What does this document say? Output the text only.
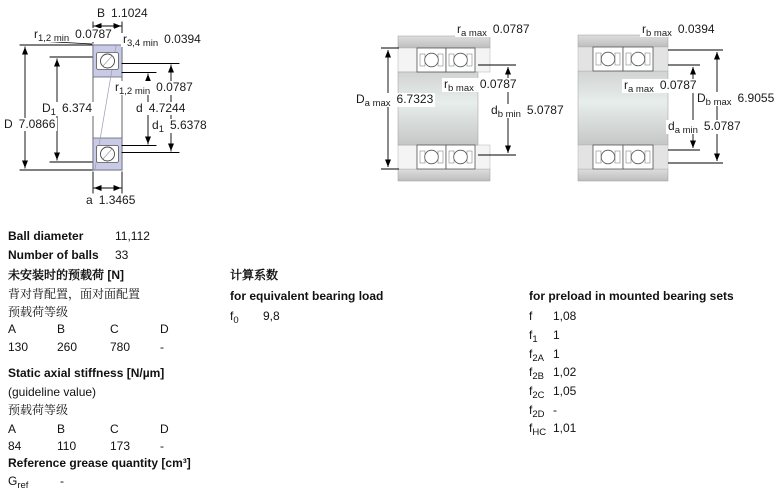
B 1.1024
$r_{1,2 min}$ 0.0787 $r_{3,4 min}$ 0.0394
$r_{1,2 min}$ 0.0787
$D_1$ 6.374
D 7.0866
d 4.7244
$d_1$ 5.6378
a 1.3465
$r_{a max}$ 0.0787
$r_{b max}$ 0.0787
$D_{a max}$ 6.7323
$d_{b min}$ 5.0787
$r_{b max}$ 0.0394
$r_{a max}$ 0.0787
$D_{b max}$ 6.9055
$d_{a min}$ 5.0787
Ball diameter	11,112
Number of balls 33
未安装时的预载荷 [N]
背对背配置，面对面配置
预载荷等级
A	B	C	D
130 260	780 -
Static axial stiffness [N/µm]
(guideline value)
预载荷等级
A	B	C	D
84	110	173 -
Reference grease quantity [cm³]
$G_{ref}$	-
计算系数
for equivalent bearing load
$f_0$ 9,8
for preload in mounted bearing sets
f 1,08
$f_1$ 1
$f_{2A}$ 1
$f_{2B}$ 1,02
$f_{2C}$ 1,05
$f_{2D}$ -
$f_{HC}$ 1,01
